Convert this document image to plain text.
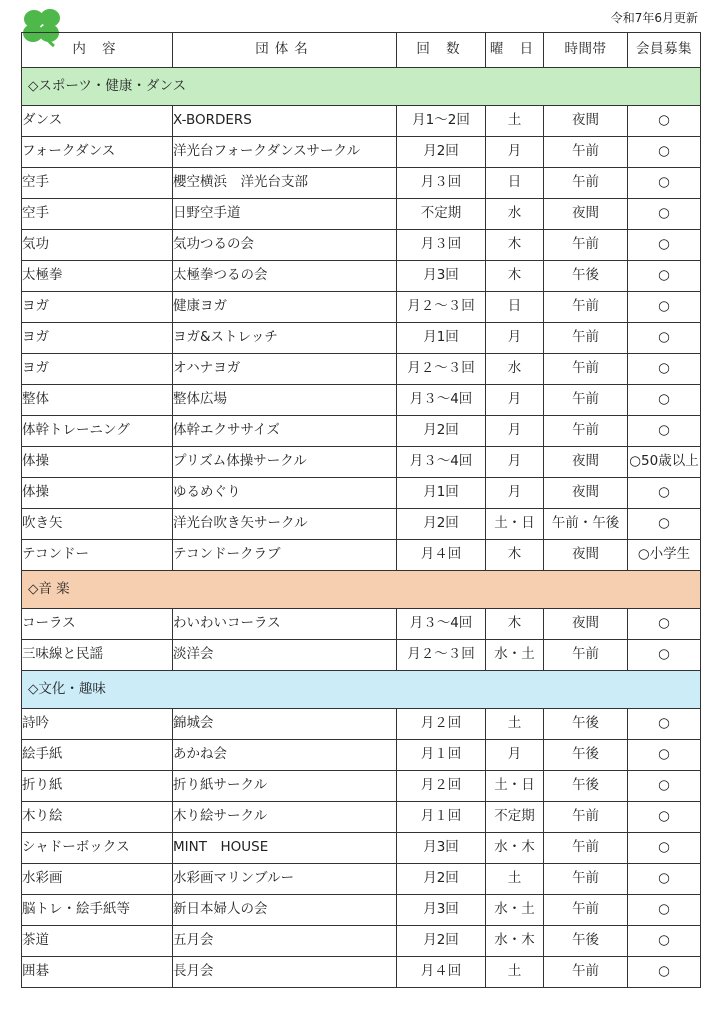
令和7年6月更新
内 容	団体名	回 数	曜 日	時間帯	会員募集
◇スポーツ・健康・ダンス					
ダンス	X-BORDERS	月1～2回	土	夜間	○
フォークダンス	洋光台フォークダンスサークル	月2回	月	午前	○
空手	櫻空横浜　洋光台支部	月３回	日	午前	○
空手	日野空手道	不定期	水	夜間	○
気功	気功つるの会	月３回	木	午前	○
太極拳	太極拳つるの会	月3回	木	午後	○
ヨガ	健康ヨガ	月２～３回	日	午前	○
ヨガ	ヨガ&ストレッチ	月1回	月	午前	○
ヨガ	オハナヨガ	月２～３回	水	午前	○
整体	整体広場	月３～4回	月	午前	○
体幹トレーニング	体幹エクササイズ	月2回	月	午前	○
体操	プリズム体操サークル	月３～4回	月	夜間	○50歳以上
体操	ゆるめぐり	月1回	月	夜間	○
吹き矢	洋光台吹き矢サークル	月2回	土・日	午前・午後	○
テコンドー	テコンドークラブ	月４回	木	夜間	○小学生
◇音 楽					
コーラス	わいわいコーラス	月３～4回	木	夜間	○
三味線と民謡	淡洋会	月２～３回	水・土	午前	○
◇文化・趣味					
詩吟	錦城会	月２回	土	午後	○
絵手紙	あかね会	月１回	月	午後	○
折り紙	折り紙サークル	月２回	土・日	午後	○
木り絵	木り絵サークル	月１回	不定期	午前	○
シャドーボックス	MINT　HOUSE	月3回	水・木	午前	○
水彩画	水彩画マリンブルー	月2回	土	午前	○
脳トレ・絵手紙等	新日本婦人の会	月3回	水・土	午前	○
茶道	五月会	月2回	水・木	午後	○
囲碁	長月会	月４回	土	午前	○
